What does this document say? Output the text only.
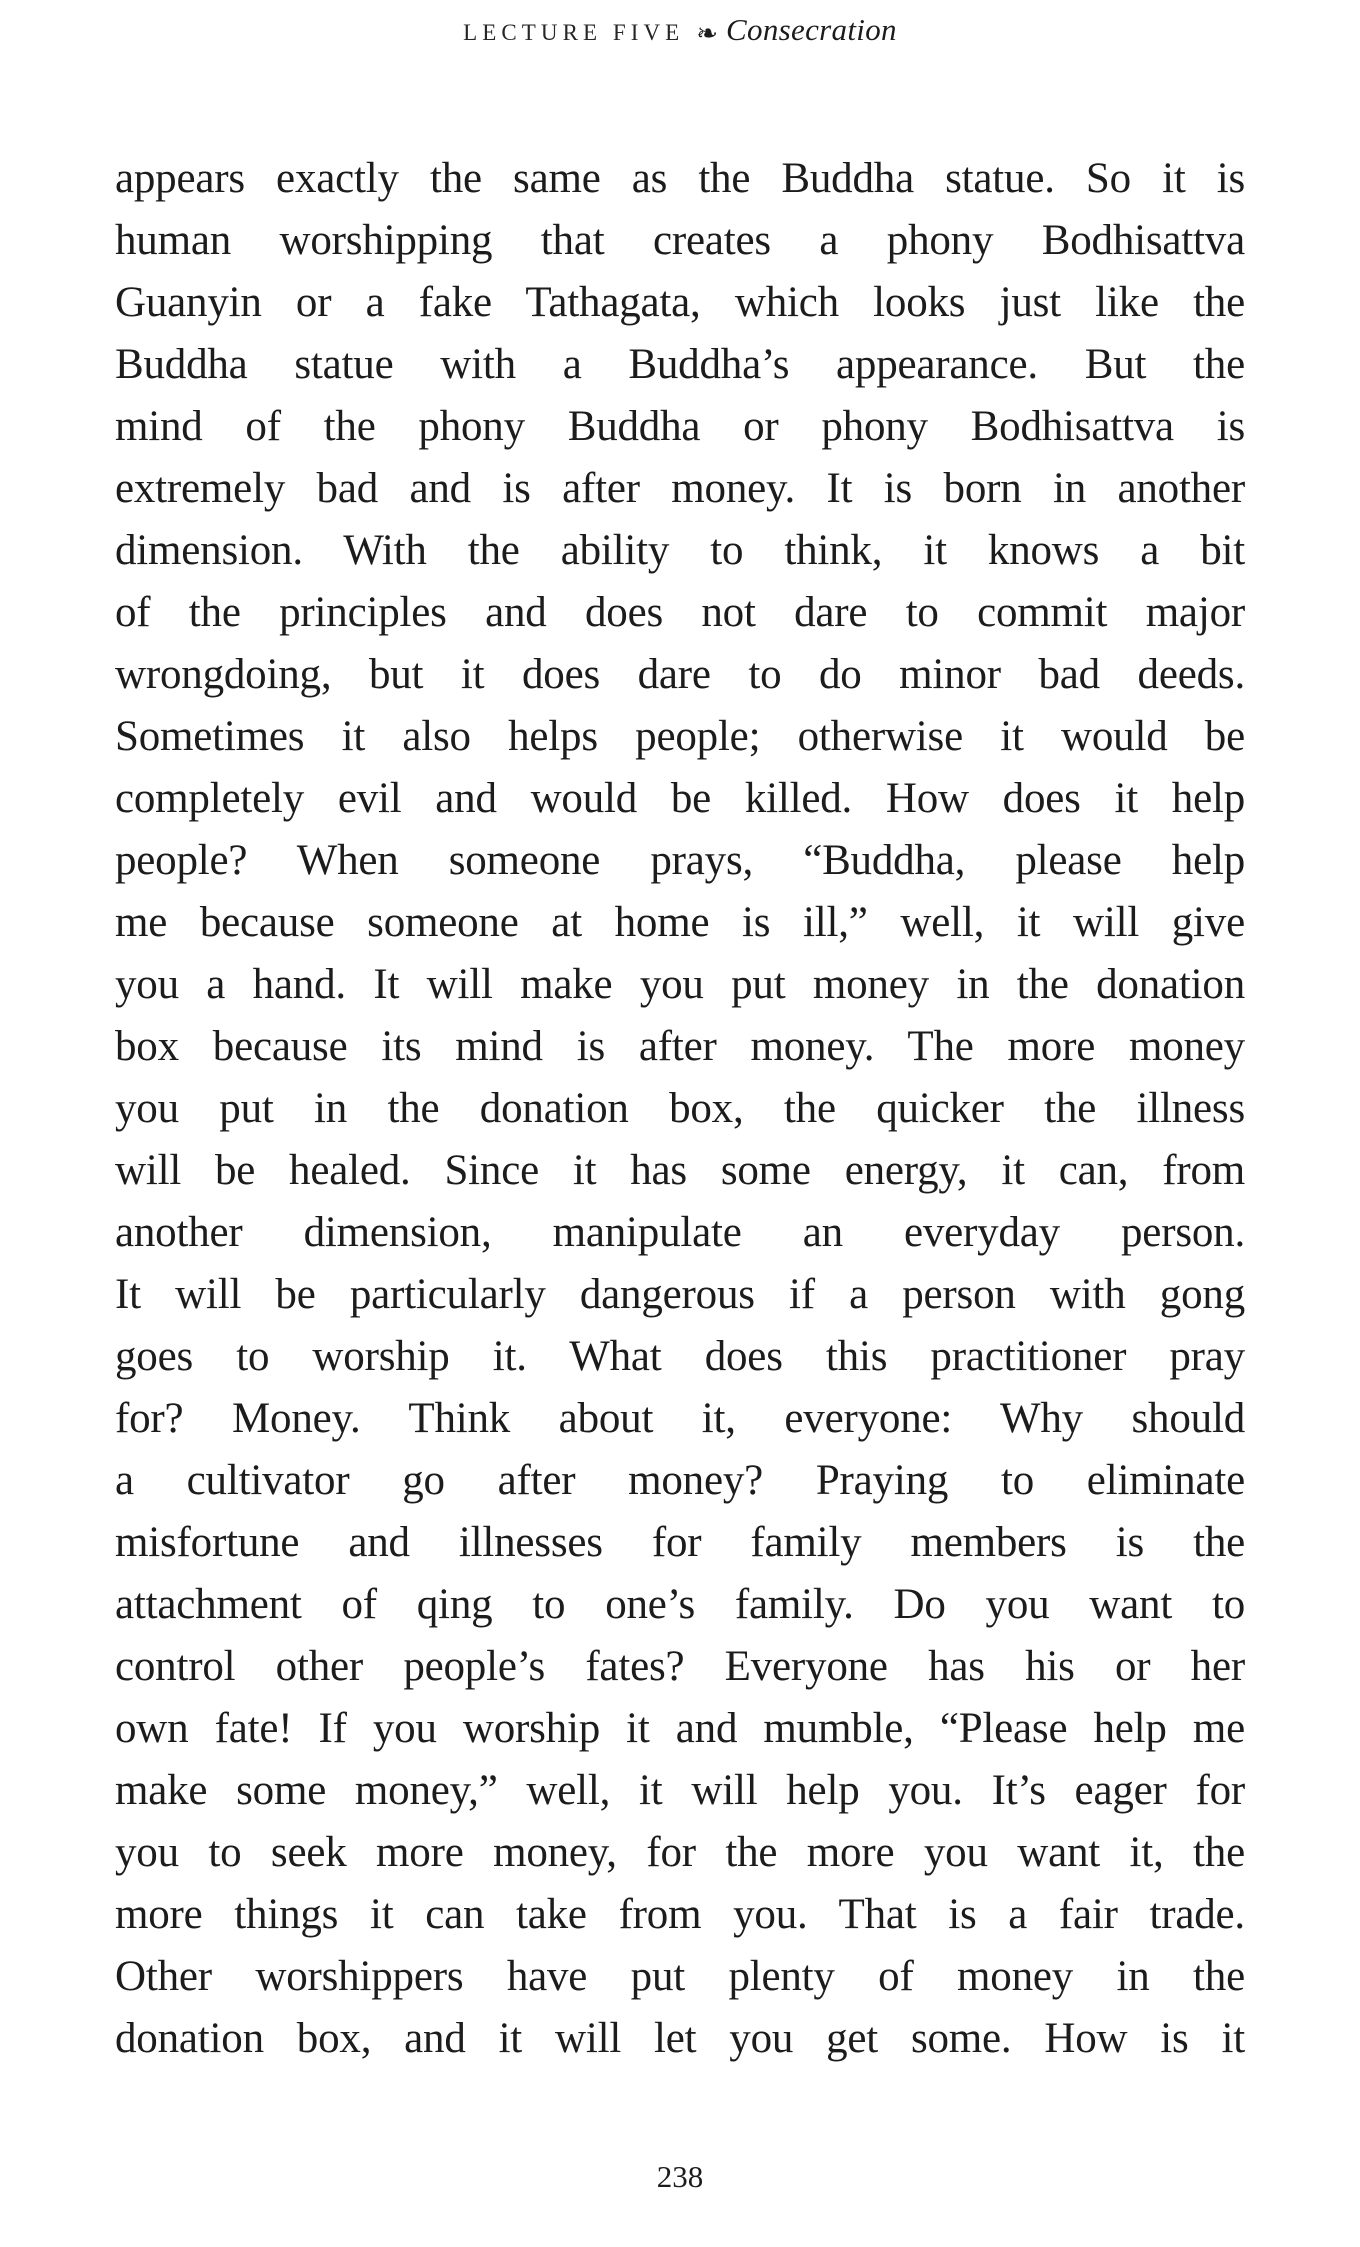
LECTURE FIVE ❧ Consecration
appears exactly the same as the Buddha statue. So it is
human worshipping that creates a phony Bodhisattva
Guanyin or a fake Tathagata, which looks just like the
Buddha statue with a Buddha’s appearance. But the
mind of the phony Buddha or phony Bodhisattva is
extremely bad and is after money. It is born in another
dimension. With the ability to think, it knows a bit
of the principles and does not dare to commit major
wrongdoing, but it does dare to do minor bad deeds.
Sometimes it also helps people; otherwise it would be
completely evil and would be killed. How does it help
people? When someone prays, “Buddha, please help
me because someone at home is ill,” well, it will give
you a hand. It will make you put money in the donation
box because its mind is after money. The more money
you put in the donation box, the quicker the illness
will be healed. Since it has some energy, it can, from
another dimension, manipulate an everyday person.
It will be particularly dangerous if a person with gong
goes to worship it. What does this practitioner pray
for? Money. Think about it, everyone: Why should
a cultivator go after money? Praying to eliminate
misfortune and illnesses for family members is the
attachment of qing to one’s family. Do you want to
control other people’s fates? Everyone has his or her
own fate! If you worship it and mumble, “Please help me
make some money,” well, it will help you. It’s eager for
you to seek more money, for the more you want it, the
more things it can take from you. That is a fair trade.
Other worshippers have put plenty of money in the
donation box, and it will let you get some. How is it
238
